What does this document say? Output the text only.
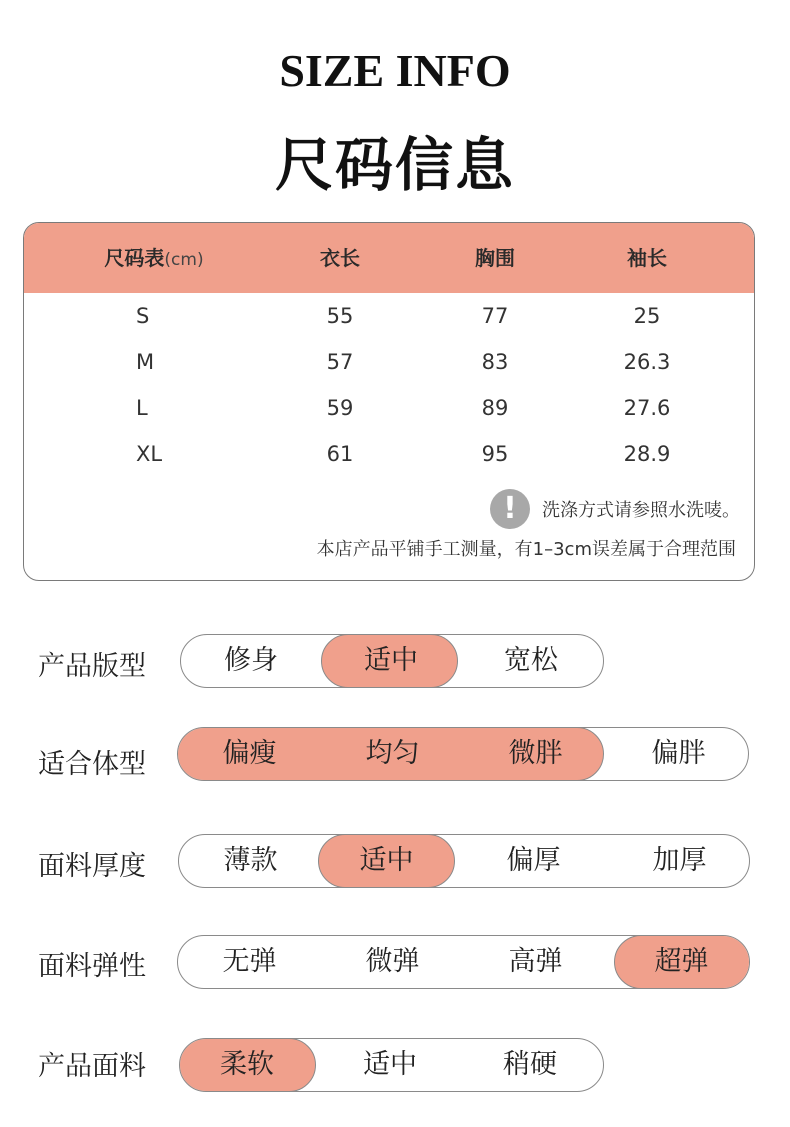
SIZE INFO
尺码信息
尺码表(cm)	衣长	胸围	袖长
S	55	77	25
M	57	83	26.3
L	59	89	27.6
XL	61	95	28.9
!	洗涤方式请参照水洗唛。
本店产品平铺手工测量，有1–3cm误差属于合理范围
产品版型	修身	适中	宽松
适合体型	偏瘦	均匀	微胖	偏胖
面料厚度	薄款	适中	偏厚	加厚
面料弹性	无弹	微弹	高弹	超弹
产品面料	柔软	适中	稍硬
